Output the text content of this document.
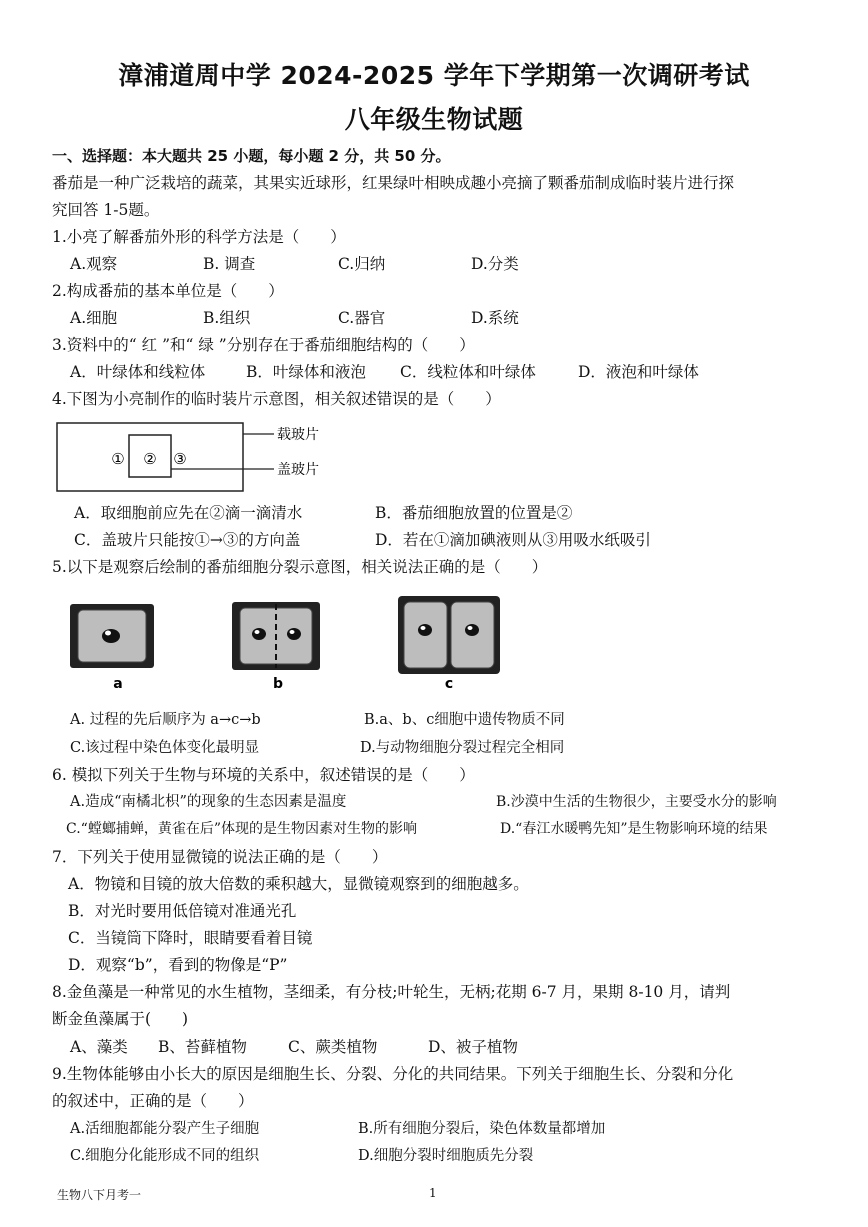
漳浦道周中学 2024-2025 学年下学期第一次调研考试
八年级生物试题
一、选择题：本大题共 25 小题，每小题 2 分，共 50 分。
番茄是一种广泛栽培的蔬菜，其果实近球形，红果绿叶相映成趣小亮摘了颗番茄制成临时装片进行探
究回答 1-5题。
1.小亮了解番茄外形的科学方法是（　　）
A.观察	B. 调查	C.归纳	D.分类
2.构成番茄的基本单位是（　　）
A.细胞	B.组织	C.器官	D.系统
3.资料中的“ 红 ”和“ 绿 ”分别存在于番茄细胞结构的（　　）
A．叶绿体和线粒体	B．叶绿体和液泡 C．线粒体和叶绿体	D．液泡和叶绿体
4.下图为小亮制作的临时装片示意图，相关叙述错误的是（　　）
① ② ③
载玻片
盖玻片
A．取细胞前应先在②滴一滴清水	B．番茄细胞放置的位置是②
C．盖玻片只能按①→③的方向盖	D．若在①滴加碘液则从③用吸水纸吸引
5.以下是观察后绘制的番茄细胞分裂示意图，相关说法正确的是（　　）
a	b	c
A. 过程的先后顺序为 a→c→b	B.a、b、c细胞中遗传物质不同
C.该过程中染色体变化最明显	D.与动物细胞分裂过程完全相同
6. 模拟下列关于生物与环境的关系中，叙述错误的是（　　）
A.造成“南橘北枳”的现象的生态因素是温度	B.沙漠中生活的生物很少，主要受水分的影响
C.“螳螂捕蝉，黄雀在后”体现的是生物因素对生物的影响	D.“春江水暖鸭先知”是生物影响环境的结果
7．下列关于使用显微镜的说法正确的是（　　）
A．物镜和目镜的放大倍数的乘积越大，显微镜观察到的细胞越多。
B．对光时要用低倍镜对准通光孔
C．当镜筒下降时，眼睛要看着目镜
D．观察“b”，看到的物像是“P”
8.金鱼藻是一种常见的水生植物，茎细柔，有分枝;叶轮生，无柄;花期 6-7 月，果期 8-10 月，请判
断金鱼藻属于(　　)
A、藻类 B、苔藓植物	C、蕨类植物	D、被子植物
9.生物体能够由小长大的原因是细胞生长、分裂、分化的共同结果。下列关于细胞生长、分裂和分化
的叙述中，正确的是（　　）
A.活细胞都能分裂产生子细胞	B.所有细胞分裂后，染色体数量都增加
C.细胞分化能形成不同的组织	D.细胞分裂时细胞质先分裂
生物八下月考一	1
